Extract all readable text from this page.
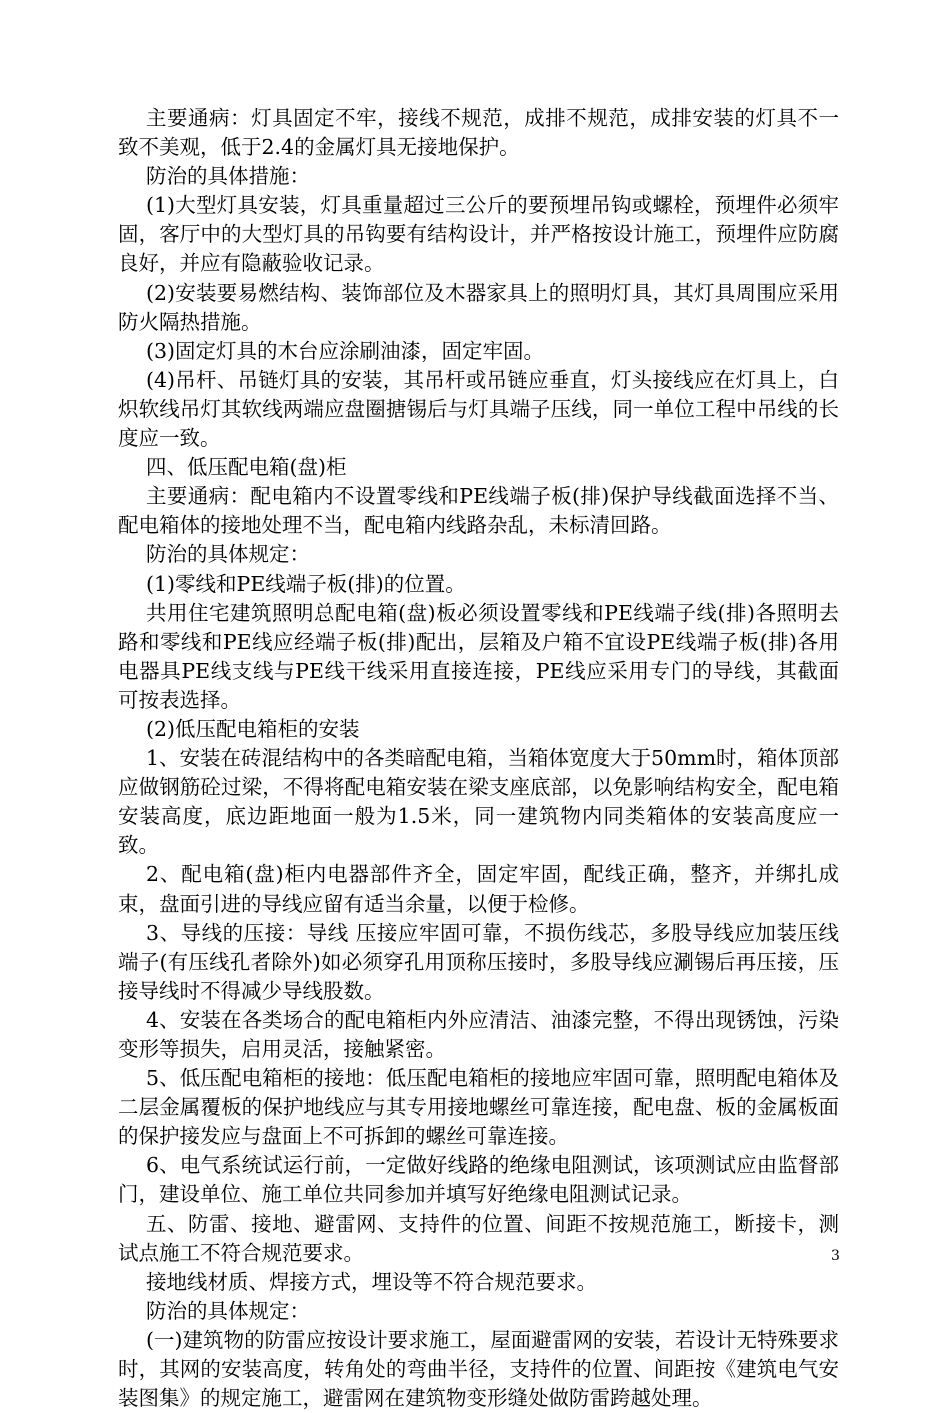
主要通病：灯具固定不牢，接线不规范，成排不规范，成排安装的灯具不一致不美观，低于2.4的金属灯具无接地保护。

防治的具体措施：

(1)大型灯具安装，灯具重量超过三公斤的要预埋吊钩或螺栓，预埋件必须牢固，客厅中的大型灯具的吊钩要有结构设计，并严格按设计施工，预埋件应防腐良好，并应有隐蔽验收记录。

(2)安装要易燃结构、装饰部位及木器家具上的照明灯具，其灯具周围应采用防火隔热措施。

(3)固定灯具的木台应涂刷油漆，固定牢固。

(4)吊杆、吊链灯具的安装，其吊杆或吊链应垂直，灯头接线应在灯具上，白炽软线吊灯其软线两端应盘圈搪锡后与灯具端子压线，同一单位工程中吊线的长度应一致。

四、低压配电箱(盘)柜

主要通病：配电箱内不设置零线和PE线端子板(排)保护导线截面选择不当、配电箱体的接地处理不当，配电箱内线路杂乱，未标清回路。

防治的具体规定：

(1)零线和PE线端子板(排)的位置。

共用住宅建筑照明总配电箱(盘)板必须设置零线和PE线端子线(排)各照明去路和零线和PE线应经端子板(排)配出，层箱及户箱不宜设PE线端子板(排)各用电器具PE线支线与PE线干线采用直接连接，PE线应采用专门的导线，其截面可按表选择。

(2)低压配电箱柜的安装

1、安装在砖混结构中的各类暗配电箱，当箱体宽度大于50mm时，箱体顶部应做钢筋砼过梁，不得将配电箱安装在梁支座底部，以免影响结构安全，配电箱安装高度，底边距地面一般为1.5米，同一建筑物内同类箱体的安装高度应一致。

2、配电箱(盘)柜内电器部件齐全，固定牢固，配线正确，整齐，并绑扎成束，盘面引进的导线应留有适当余量，以便于检修。

3、导线的压接：导线 压接应牢固可靠，不损伤线芯，多股导线应加装压线端子(有压线孔者除外)如必须穿孔用顶称压接时，多股导线应涮锡后再压接，压接导线时不得减少导线股数。

4、安装在各类场合的配电箱柜内外应清洁、油漆完整，不得出现锈蚀，污染变形等损失，启用灵活，接触紧密。

5、低压配电箱柜的接地：低压配电箱柜的接地应牢固可靠，照明配电箱体及二层金属覆板的保护地线应与其专用接地螺丝可靠连接，配电盘、板的金属板面的保护接发应与盘面上不可拆卸的螺丝可靠连接。

6、电气系统试运行前，一定做好线路的绝缘电阻测试，该项测试应由监督部门，建设单位、施工单位共同参加并填写好绝缘电阻测试记录。

五、防雷、接地、避雷网、支持件的位置、间距不按规范施工，断接卡，测试点施工不符合规范要求。

接地线材质、焊接方式，埋设等不符合规范要求。

防治的具体规定：

(一)建筑物的防雷应按设计要求施工，屋面避雷网的安装，若设计无特殊要求时，其网的安装高度，转角处的弯曲半径，支持件的位置、间距按《建筑电气安装图集》的规定施工，避雷网在建筑物变形缝处做防雷跨越处理。

3
